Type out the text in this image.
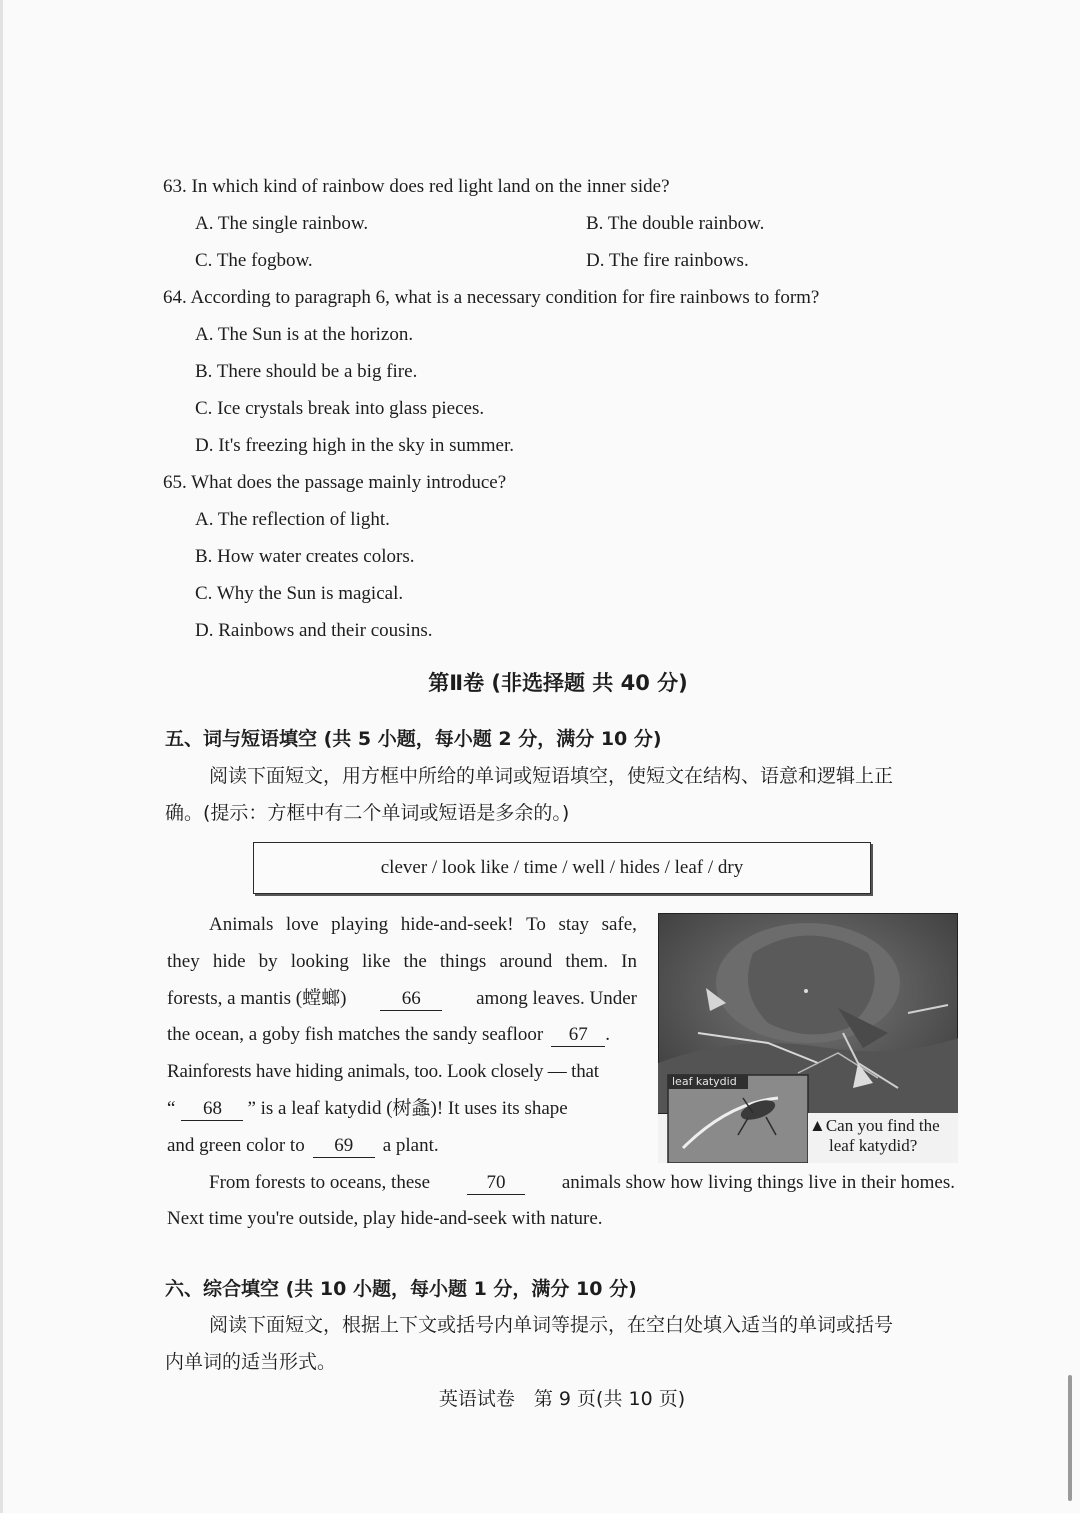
63. In which kind of rainbow does red light land on the inner side?
A. The single rainbow.	B. The double rainbow.
C. The fogbow.	D. The fire rainbows.
64. According to paragraph 6, what is a necessary condition for fire rainbows to form?
A. The Sun is at the horizon.
B. There should be a big fire.
C. Ice crystals break into glass pieces.
D. It's freezing high in the sky in summer.
65. What does the passage mainly introduce?
A. The reflection of light.
B. How water creates colors.
C. Why the Sun is magical.
D. Rainbows and their cousins.
第Ⅱ卷 (非选择题 共 40 分)
五、词与短语填空 (共 5 小题，每小题 2 分，满分 10 分)
阅读下面短文，用方框中所给的单词或短语填空，使短文在结构、语意和逻辑上正
确。(提示：方框中有二个单词或短语是多余的。)
clever / look like / time / well / hides / leaf / dry
Animals love playing hide-and-seek! To stay safe,
they hide by looking like the things around them. In
forests, a mantis (螳螂)	66	among leaves. Under
the ocean, a goby fish matches the sandy seafloor	67 .
Rainforests have hiding animals, too. Look closely — that
“	68	” is a leaf katydid (树螽)! It uses its shape
and green color to	69	a plant.
From forests to oceans, these	70	animals show how living things live in their homes.
Next time you're outside, play hide-and-seek with nature.
leaf katydid
▲Can you find the
leaf katydid?
六、综合填空 (共 10 小题，每小题 1 分，满分 10 分)
阅读下面短文，根据上下文或括号内单词等提示，在空白处填入适当的单词或括号
内单词的适当形式。
英语试卷　第 9 页(共 10 页)
